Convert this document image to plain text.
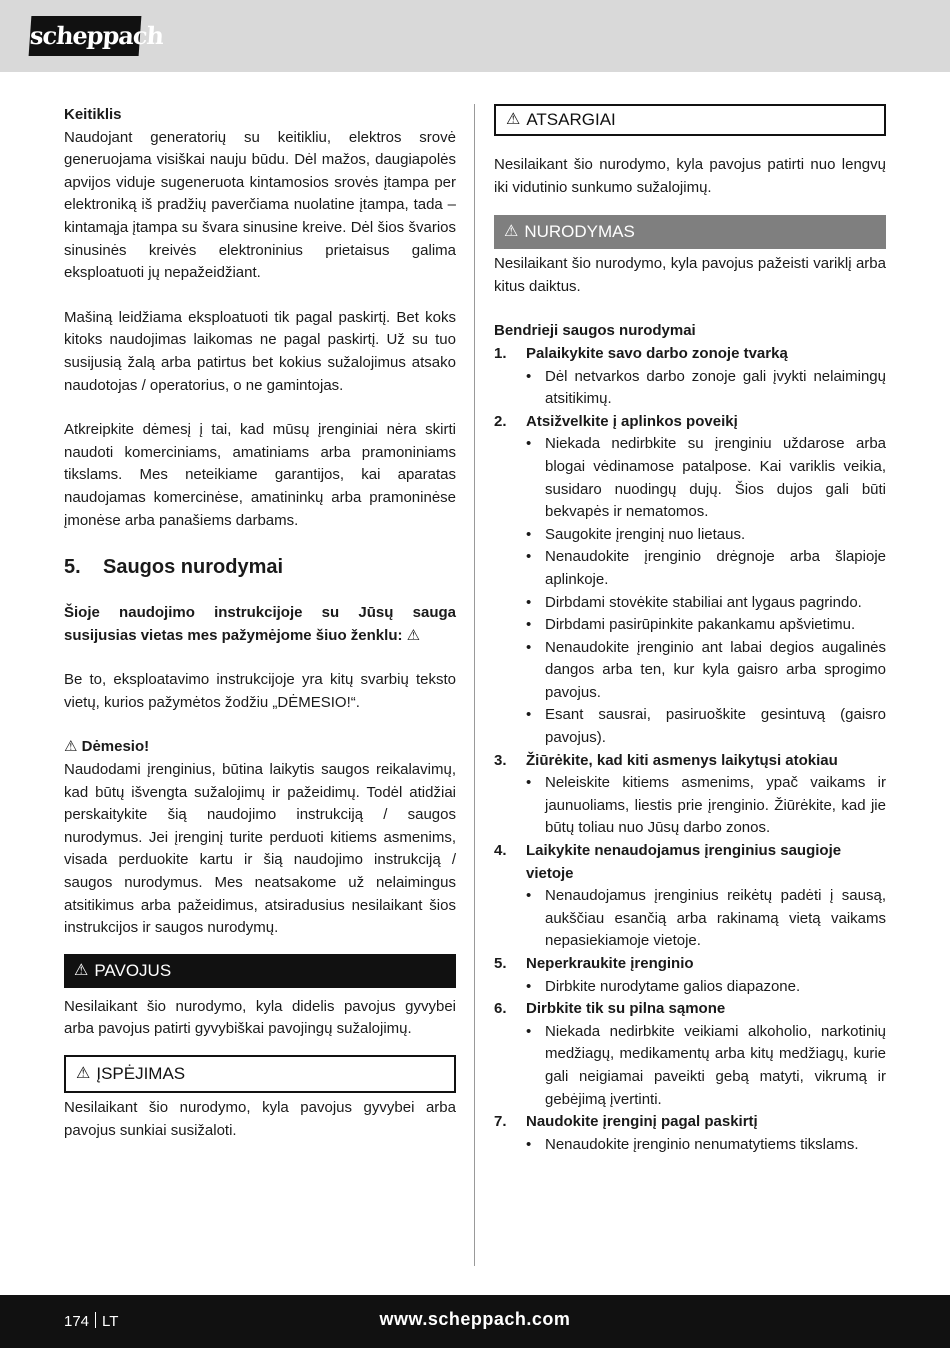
scheppach

Keitiklis

Naudojant generatorių su keitikliu, elektros srovė generuojama visiškai nauju būdu. Dėl mažos, daugiapolės apvijos viduje sugeneruota kintamosios srovės įtampa per elektroniką iš pradžių paverčiama nuolatine įtampa, tada – kintamąja įtampa su švara sinusine kreive. Dėl šios švarios sinusinės kreivės elektroninius prietaisus galima eksploatuoti jų nepažeidžiant.

Mašiną leidžiama eksploatuoti tik pagal paskirtį. Bet koks kitoks naudojimas laikomas ne pagal paskirtį. Už su tuo susijusią žalą arba patirtus bet kokius sužalojimus atsako naudotojas / operatorius, o ne gamintojas.

Atkreipkite dėmesį į tai, kad mūsų įrenginiai nėra skirti naudoti komerciniams, amatiniams arba pramoniniams tikslams. Mes neteikiame garantijos, kai aparatas naudojamas komercinėse, amatininkų arba pramoninėse įmonėse arba panašiems darbams.

5.	Saugos nurodymai

Šioje naudojimo instrukcijoje su Jūsų sauga susijusias vietas mes pažymėjome šiuo ženklu: ⚠

Be to, eksploatavimo instrukcijoje yra kitų svarbių teksto vietų, kurios pažymėtos žodžiu „DĖMESIO!“.

⚠ Dėmesio!

Naudodami įrenginius, būtina laikytis saugos reikalavimų, kad būtų išvengta sužalojimų ir pažeidimų. Todėl atidžiai perskaitykite šią naudojimo instrukciją / saugos nurodymus. Jei įrenginį turite perduoti kitiems asmenims, visada perduokite kartu ir šią naudojimo instrukciją / saugos nurodymus. Mes neatsakome už nelaimingus atsitikimus arba pažeidimus, atsiradusius nesilaikant šios instrukcijos ir saugos nurodymų.

⚠ PAVOJUS

Nesilaikant šio nurodymo, kyla didelis pavojus gyvybei arba pavojus patirti gyvybiškai pavojingų sužalojimų.

⚠ ĮSPĖJIMAS

Nesilaikant šio nurodymo, kyla pavojus gyvybei arba pavojus sunkiai susižaloti.

⚠ ATSARGIAI

Nesilaikant šio nurodymo, kyla pavojus patirti nuo lengvų iki vidutinio sunkumo sužalojimų.

⚠ NURODYMAS

Nesilaikant šio nurodymo, kyla pavojus pažeisti variklį arba kitus daiktus.

Bendrieji saugos nurodymai

1.	Palaikykite savo darbo zonoje tvarką
• Dėl netvarkos darbo zonoje gali įvykti nelaimingų atsitikimų.
2.	Atsižvelkite į aplinkos poveikį
• Niekada nedirbkite su įrenginiu uždarose arba blogai vėdinamose patalpose. Kai variklis veikia, susidaro nuodingų dujų. Šios dujos gali būti bekvapės ir nematomos.
• Saugokite įrenginį nuo lietaus.
• Nenaudokite įrenginio drėgnoje arba šlapioje aplinkoje.
• Dirbdami stovėkite stabiliai ant lygaus pagrindo.
• Dirbdami pasirūpinkite pakankamu apšvietimu.
• Nenaudokite įrenginio ant labai degios augalinės dangos arba ten, kur kyla gaisro arba sprogimo pavojus.
• Esant sausrai, pasiruoškite gesintuvą (gaisro pavojus).
3.	Žiūrėkite, kad kiti asmenys laikytųsi atokiau
• Neleiskite kitiems asmenims, ypač vaikams ir jaunuoliams, liestis prie įrenginio. Žiūrėkite, kad jie būtų toliau nuo Jūsų darbo zonos.
4.	Laikykite nenaudojamus įrenginius saugioje vietoje
• Nenaudojamus įrenginius reikėtų padėti į sausą, aukščiau esančią arba rakinamą vietą vaikams nepasiekiamoje vietoje.
5.	Neperkraukite įrenginio
• Dirbkite nurodytame galios diapazone.
6.	Dirbkite tik su pilna sąmone
• Niekada nedirbkite veikiami alkoholio, narkotinių medžiagų, medikamentų arba kitų medžiagų, kurie gali neigiamai paveikti gebą matyti, vikrumą ir gebėjimą įvertinti.
7.	Naudokite įrenginį pagal paskirtį
• Nenaudokite įrenginio nenumatytiems tikslams.
174 LT	www.scheppach.com
